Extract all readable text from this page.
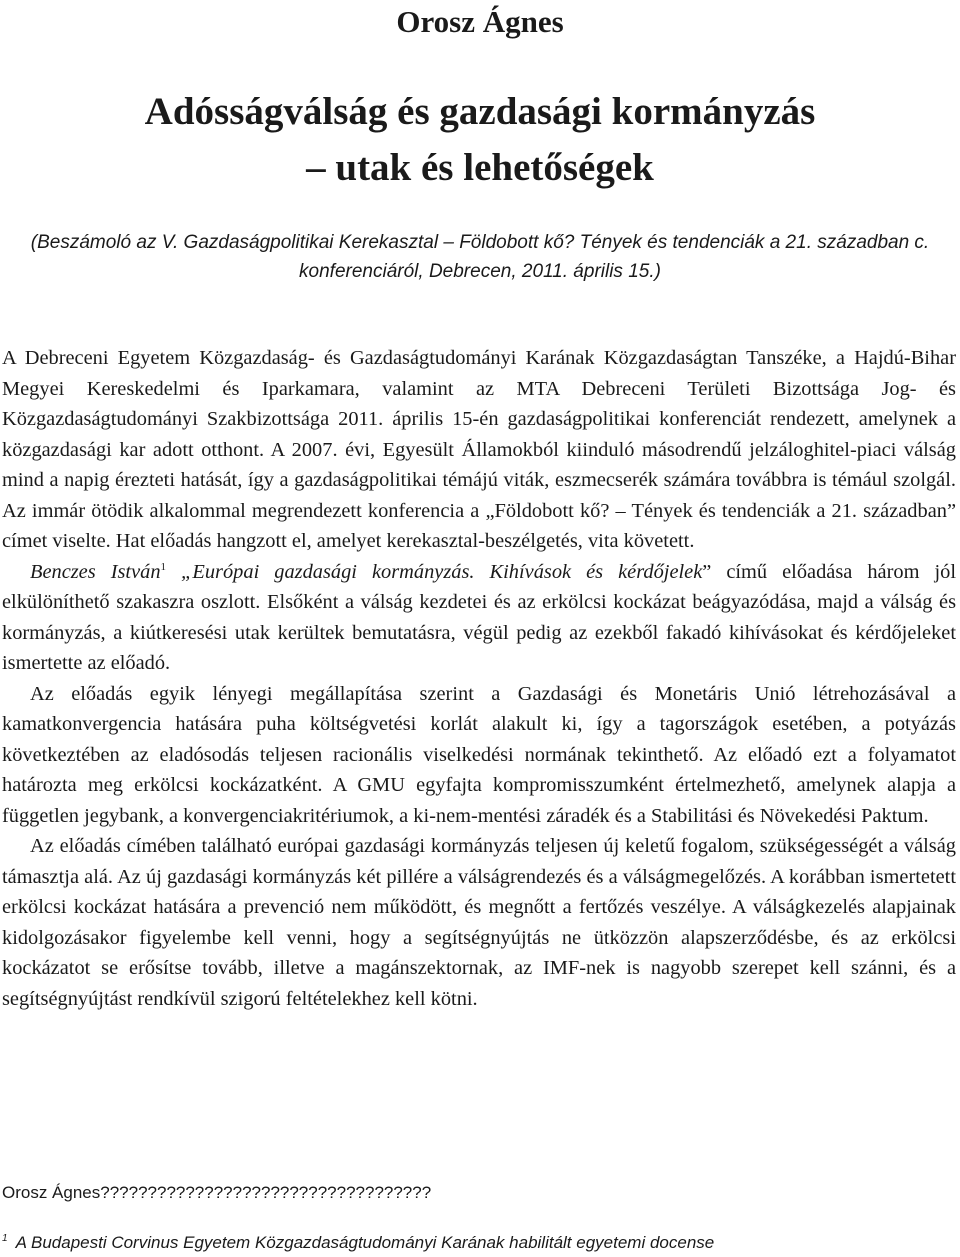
Orosz Ágnes
Adósságválság és gazdasági kormányzás
– utak és lehetőségek
(Beszámoló az V. Gazdaságpolitikai Kerekasztal – Földobott kő? Tények és tendenciák a 21. században c. konferenciáról, Debrecen, 2011. április 15.)

A Debreceni Egyetem Közgazdaság- és Gazdaságtudományi Karának Közgazdaságtan Tanszéke, a Hajdú-Bihar Megyei Kereskedelmi és Iparkamara, valamint az MTA Debreceni Területi Bizottsága Jog- és Közgazdaságtudományi Szakbizottsága 2011. április 15-én gazdaságpolitikai konferenciát rendezett, amelynek a közgazdasági kar adott otthont. A 2007. évi, Egyesült Államokból kiinduló másodrendű jelzáloghitel-piaci válság mind a napig érezteti hatását, így a gazdaságpolitikai témájú viták, eszmecserék számára továbbra is témául szolgál. Az immár ötödik alkalommal megrendezett konferencia a „Földobott kő? – Tények és tendenciák a 21. században” címet viselte. Hat előadás hangzott el, amelyet kerekasztal-beszélgetés, vita követett.

Benczes István$^1$ „Európai gazdasági kormányzás. Kihívások és kérdőjelek” című előadása három jól elkülöníthető szakaszra oszlott. Elsőként a válság kezdetei és az erkölcsi kockázat beágyazódása, majd a válság és kormányzás, a kiútkeresési utak kerültek bemutatásra, végül pedig az ezekből fakadó kihívásokat és kérdőjeleket ismertette az előadó.

Az előadás egyik lényegi megállapítása szerint a Gazdasági és Monetáris Unió létrehozásával a kamatkonvergencia hatására puha költségvetési korlát alakult ki, így a tagországok esetében, a potyázás következtében az eladósodás teljesen racionális viselkedési normának tekinthető. Az előadó ezt a folyamatot határozta meg erkölcsi kockázatként. A GMU egyfajta kompromisszumként értelmezhető, amelynek alapja a független jegybank, a konvergenciakritériumok, a ki-nem-mentési záradék és a Stabilitási és Növekedési Paktum.

Az előadás címében található európai gazdasági kormányzás teljesen új keletű fogalom, szükségességét a válság támasztja alá. Az új gazdasági kormányzás két pillére a válságrendezés és a válságmegelőzés. A korábban ismertetett erkölcsi kockázat hatására a prevenció nem működött, és megnőtt a fertőzés veszélye. A válságkezelés alapjainak kidolgozásakor figyelembe kell venni, hogy a segítségnyújtás ne ütközzön alapszerződésbe, és az erkölcsi kockázatot se erősítse tovább, illetve a magánszektornak, az IMF-nek is nagyobb szerepet kell szánni, és a segítségnyújtást rendkívül szigorú feltételekhez kell kötni.

Orosz Ágnes???????????????????????????????????
$^1$ A Budapesti Corvinus Egyetem Közgazdaságtudományi Karának habilitált egyetemi docense
